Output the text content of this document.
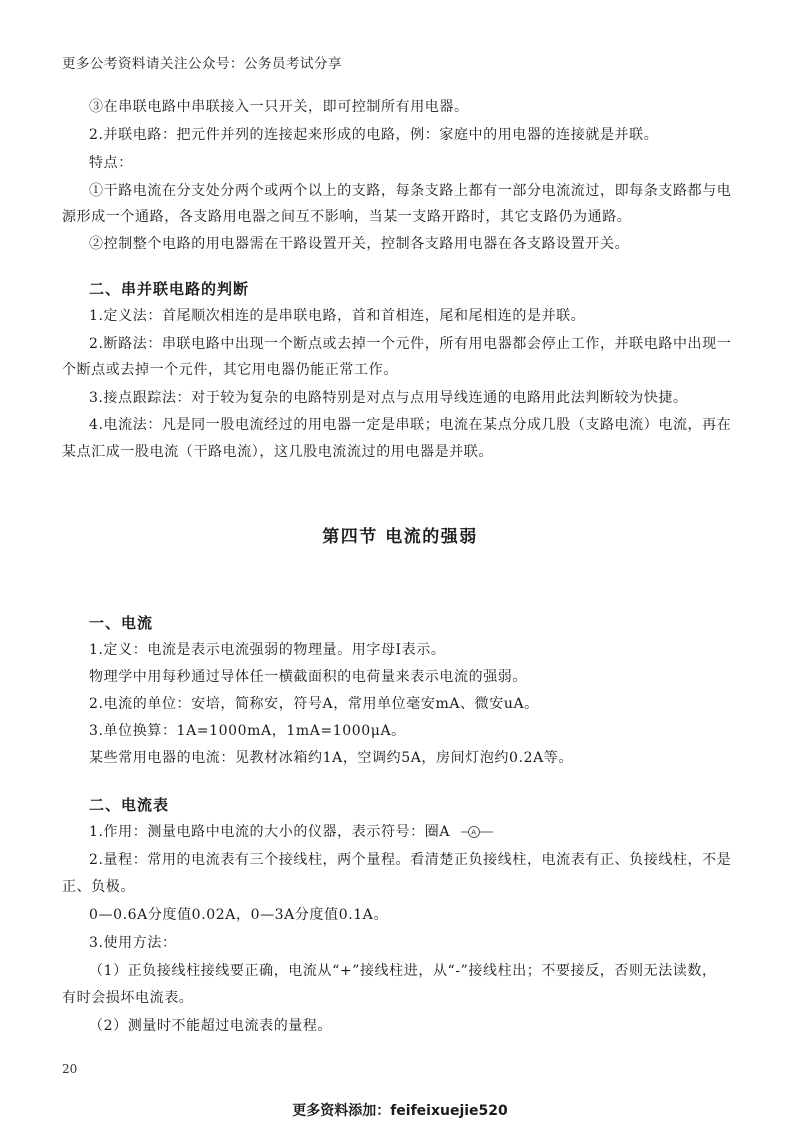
更多公考资料请关注公众号：公务员考试分享
③在串联电路中串联接入一只开关，即可控制所有用电器。
2.并联电路：把元件并列的连接起来形成的电路，例：家庭中的用电器的连接就是并联。
特点：
①干路电流在分支处分两个或两个以上的支路，每条支路上都有一部分电流流过，即每条支路都与电
源形成一个通路，各支路用电器之间互不影响，当某一支路开路时，其它支路仍为通路。
②控制整个电路的用电器需在干路设置开关，控制各支路用电器在各支路设置开关。
二、串并联电路的判断
1.定义法：首尾顺次相连的是串联电路，首和首相连，尾和尾相连的是并联。
2.断路法：串联电路中出现一个断点或去掉一个元件，所有用电器都会停止工作，并联电路中出现一
个断点或去掉一个元件，其它用电器仍能正常工作。
3.接点跟踪法：对于较为复杂的电路特别是对点与点用导线连通的电路用此法判断较为快捷。
4.电流法：凡是同一股电流经过的用电器一定是串联；电流在某点分成几股（支路电流）电流，再在
某点汇成一股电流（干路电流），这几股电流流过的用电器是并联。
第四节 电流的强弱
一、电流
1.定义：电流是表示电流强弱的物理量。用字母I表示。
物理学中用每秒通过导体任一横截面积的电荷量来表示电流的强弱。
2.电流的单位：安培，简称安，符号A，常用单位毫安mA、微安uA。
3.单位换算：1A=1000mA，1mA=1000μA。
某些常用电器的电流：见教材冰箱约1A，空调约5A，房间灯泡约0.2A等。
二、电流表
1.作用：测量电路中电流的大小的仪器，表示符号：圈A	A
2.量程：常用的电流表有三个接线柱，两个量程。看清楚正负接线柱，电流表有正、负接线柱，不是
正、负极。
0—0.6A分度值0.02A，0—3A分度值0.1A。
3.使用方法：
（1）正负接线柱接线要正确，电流从“+”接线柱进，从“-”接线柱出；不要接反，否则无法读数，
有时会损坏电流表。
（2）测量时不能超过电流表的量程。
20
更多资料添加：feifeixuejie520
